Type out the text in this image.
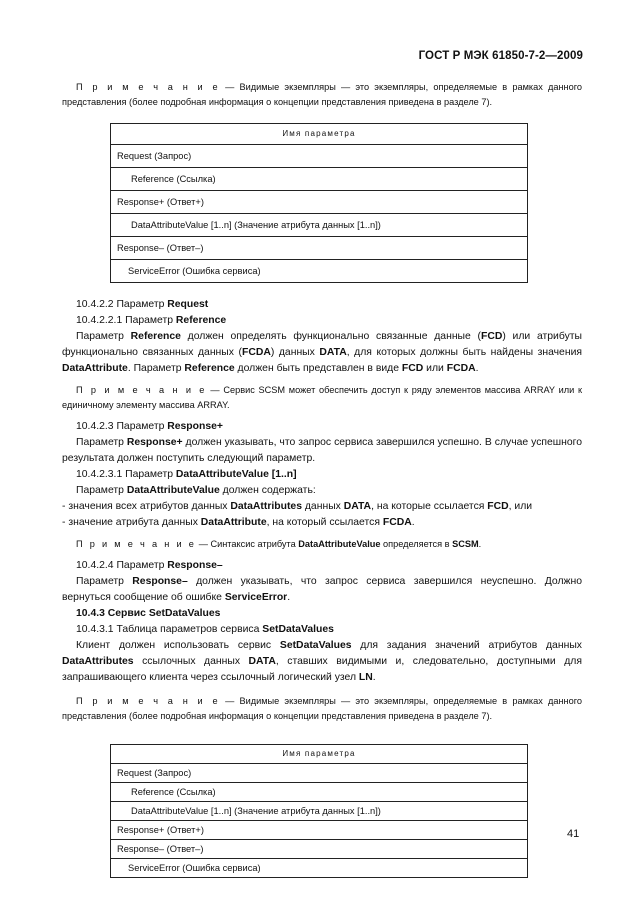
ГОСТ Р МЭК 61850-7-2—2009

П р и м е ч а н и е — Видимые экземпляры — это экземпляры, определяемые в рамках данного представления (более подробная информация о концепции представления приведена в разделе 7).

Имя параметра
Request (Запрос)
Reference (Ссылка)
Response+ (Ответ+)
DataAttributeValue [1..n] (Значение атрибута данных [1..n])
Response– (Ответ–)
ServiceError (Ошибка сервиса)

10.4.2.2 Параметр Request

10.4.2.2.1 Параметр Reference

Параметр Reference должен определять функционально связанные данные (FCD) или атрибуты функционально связанных данных (FCDA) данных DATA, для которых должны быть найдены значения DataAttribute. Параметр Reference должен быть представлен в виде FCD или FCDA.

П р и м е ч а н и е — Сервис SCSM может обеспечить доступ к ряду элементов массива ARRAY или к единичному элементу массива ARRAY.

10.4.2.3 Параметр Response+

Параметр Response+ должен указывать, что запрос сервиса завершился успешно. В случае успешного результата должен поступить следующий параметр.

10.4.2.3.1 Параметр DataAttributeValue [1..n]

Параметр DataAttributeValue должен содержать:

- значения всех атрибутов данных DataAttributes данных DATA, на которые ссылается FCD, или

- значение атрибута данных DataAttribute, на который ссылается FCDA.

П р и м е ч а н и е — Синтаксис атрибута DataAttributeValue определяется в SCSM.

10.4.2.4 Параметр Response–

Параметр Response– должен указывать, что запрос сервиса завершился неуспешно. Должно вернуться сообщение об ошибке ServiceError.

10.4.3 Сервис SetDataValues

10.4.3.1 Таблица параметров сервиса SetDataValues

Клиент должен использовать сервис SetDataValues для задания значений атрибутов данных DataAttributes ссылочных данных DATA, ставших видимыми и, следовательно, доступными для запрашивающего клиента через ссылочный логический узел LN.

П р и м е ч а н и е — Видимые экземпляры — это экземпляры, определяемые в рамках данного представления (более подробная информация о концепции представления приведена в разделе 7).

Имя параметра
Request (Запрос)
Reference (Ссылка)
DataAttributeValue [1..n] (Значение атрибута данных [1..n])
Response+ (Ответ+)
Response– (Ответ–)
ServiceError (Ошибка сервиса)
41
